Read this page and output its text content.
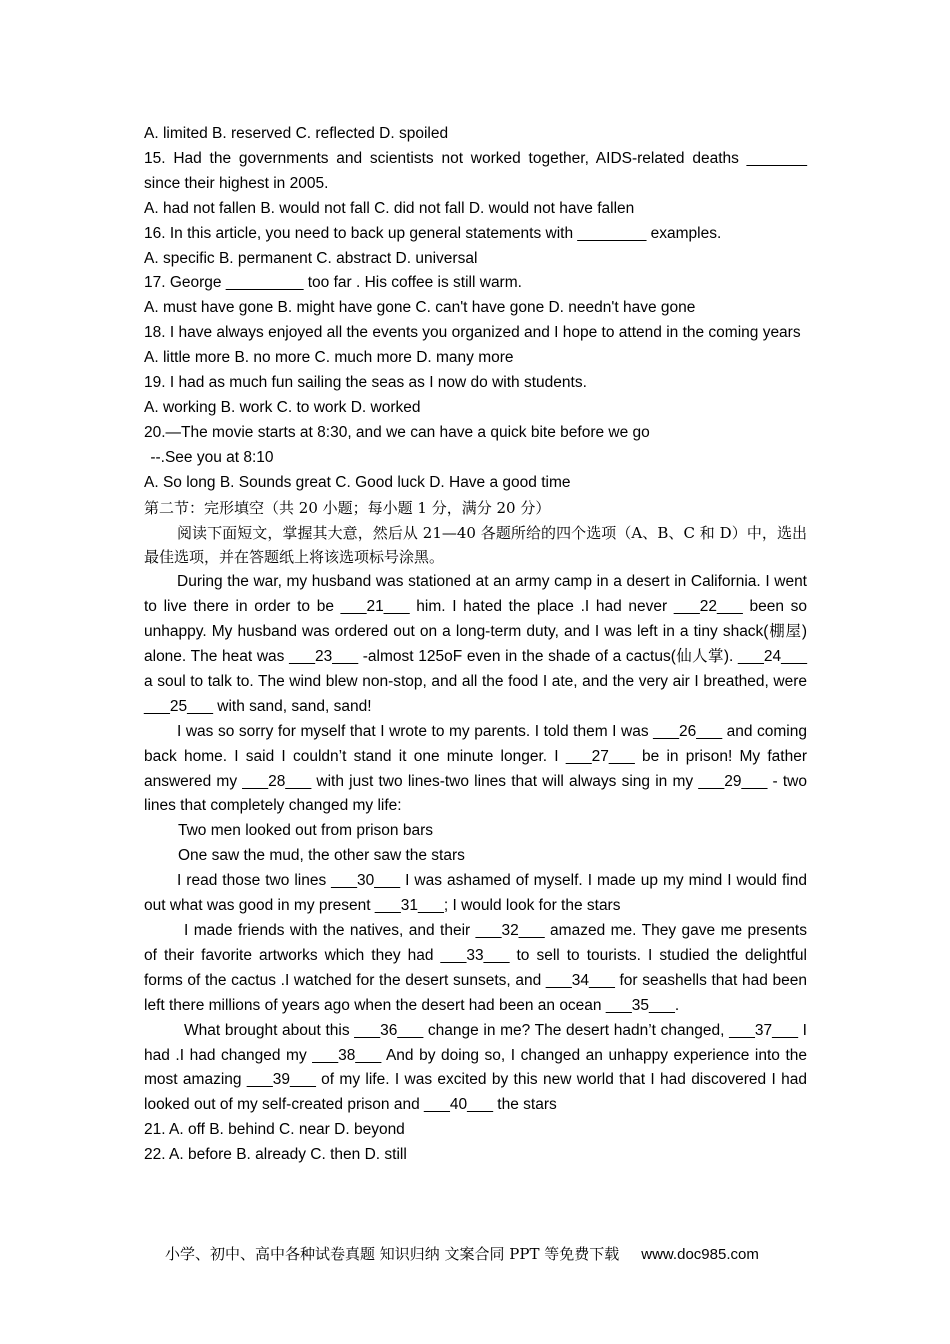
A. limited B. reserved C. reflected D. spoiled
15. Had the governments and scientists not worked together, AIDS-related deaths _______ since their highest in 2005.
A. had not fallen B. would not fall C. did not fall D. would not have fallen
16. In this article, you need to back up general statements with ________ examples.
A. specific B. permanent C. abstract D. universal
17. George _________ too far . His coffee is still warm.
A. must have gone B. might have gone C. can't have gone D. needn't have gone
18. I have always enjoyed all the events you organized and I hope to attend in the coming years
A. little more B. no more C. much more D. many more
19. I had as much fun sailing the seas as I now do with students.
A. working B. work C. to work D. worked
20.—The movie starts at 8:30, and we can have a quick bite before we go
--.See you at 8:10
A. So long B. Sounds great C. Good luck D. Have a good time
第二节：完形填空（共 20 小题；每小题 1 分，满分 20 分）
阅读下面短文，掌握其大意，然后从 21—40 各题所给的四个选项（A、B、C 和 D）中，选出最佳选项，并在答题纸上将该选项标号涂黑。
During the war, my husband was stationed at an army camp in a desert in California. I went to live there in order to be ___21___ him. I hated the place .I had never ___22___ been so unhappy. My husband was ordered out on a long-term duty, and I was left in a tiny shack(棚屋) alone. The heat was ___23___ -almost 125oF even in the shade of a cactus(仙人掌). ___24___ a soul to talk to. The wind blew non-stop, and all the food I ate, and the very air I breathed, were ___25___ with sand, sand, sand!
I was so sorry for myself that I wrote to my parents. I told them I was ___26___ and coming back home. I said I couldn’t stand it one minute longer. I ___27___ be in prison! My father answered my ___28___ with just two lines-two lines that will always sing in my ___29___ - two lines that completely changed my life:
Two men looked out from prison bars
One saw the mud, the other saw the stars
I read those two lines ___30___ I was ashamed of myself. I made up my mind I would find out what was good in my present ___31___; I would look for the stars
I made friends with the natives, and their ___32___ amazed me. They gave me presents of their favorite artworks which they had ___33___ to sell to tourists. I studied the delightful forms of the cactus .I watched for the desert sunsets, and ___34___ for seashells that had been left there millions of years ago when the desert had been an ocean ___35___.
What brought about this ___36___ change in me? The desert hadn’t changed, ___37___ I had .I had changed my ___38___ And by doing so, I changed an unhappy experience into the most amazing ___39___ of my life. I was excited by this new world that I had discovered I had looked out of my self-created prison and ___40___ the stars
21. A. off B. behind C. near D. beyond
22. A. before B. already C. then D. still
小学、初中、高中各种试卷真题 知识归纳 文案合同 PPT 等免费下载 www.doc985.com
